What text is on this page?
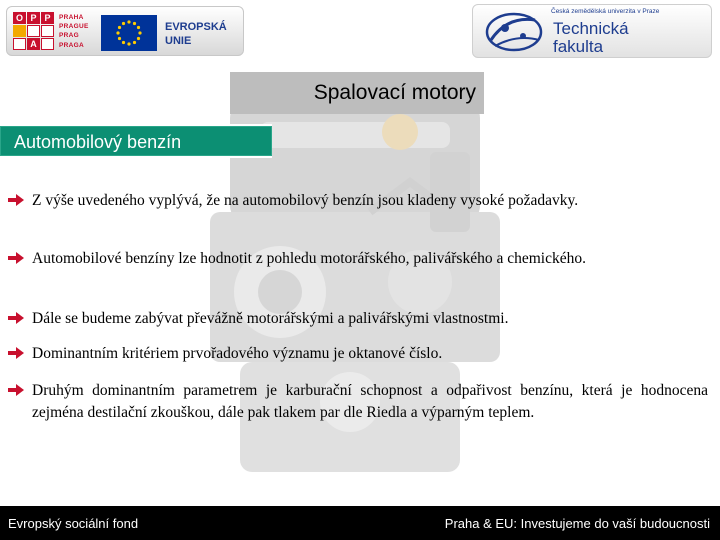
O P P
A
PRAHA
PRAGUE
PRAG
PRAGA
EVROPSKÁ
UNIE
Česká zemědělská univerzita v Praze
Technická
fakulta
Spalovací motory
Automobilový benzín
Z výše uvedeného vyplývá, že na automobilový benzín jsou kladeny vysoké požadavky.
Automobilové benzíny lze hodnotit z pohledu motorářského, palivářského a chemického.
Dále se budeme zabývat převážně motorářskými a palivářskými vlastnostmi.
Dominantním kritériem prvořadového významu je oktanové číslo.
Druhým dominantním parametrem je karburační schopnost a odpařivost benzínu, která je hodnocena zejména destilační zkouškou, dále pak tlakem par dle Riedla a výparným teplem.
Evropský sociální fond	Praha & EU: Investujeme do vaší budoucnosti
